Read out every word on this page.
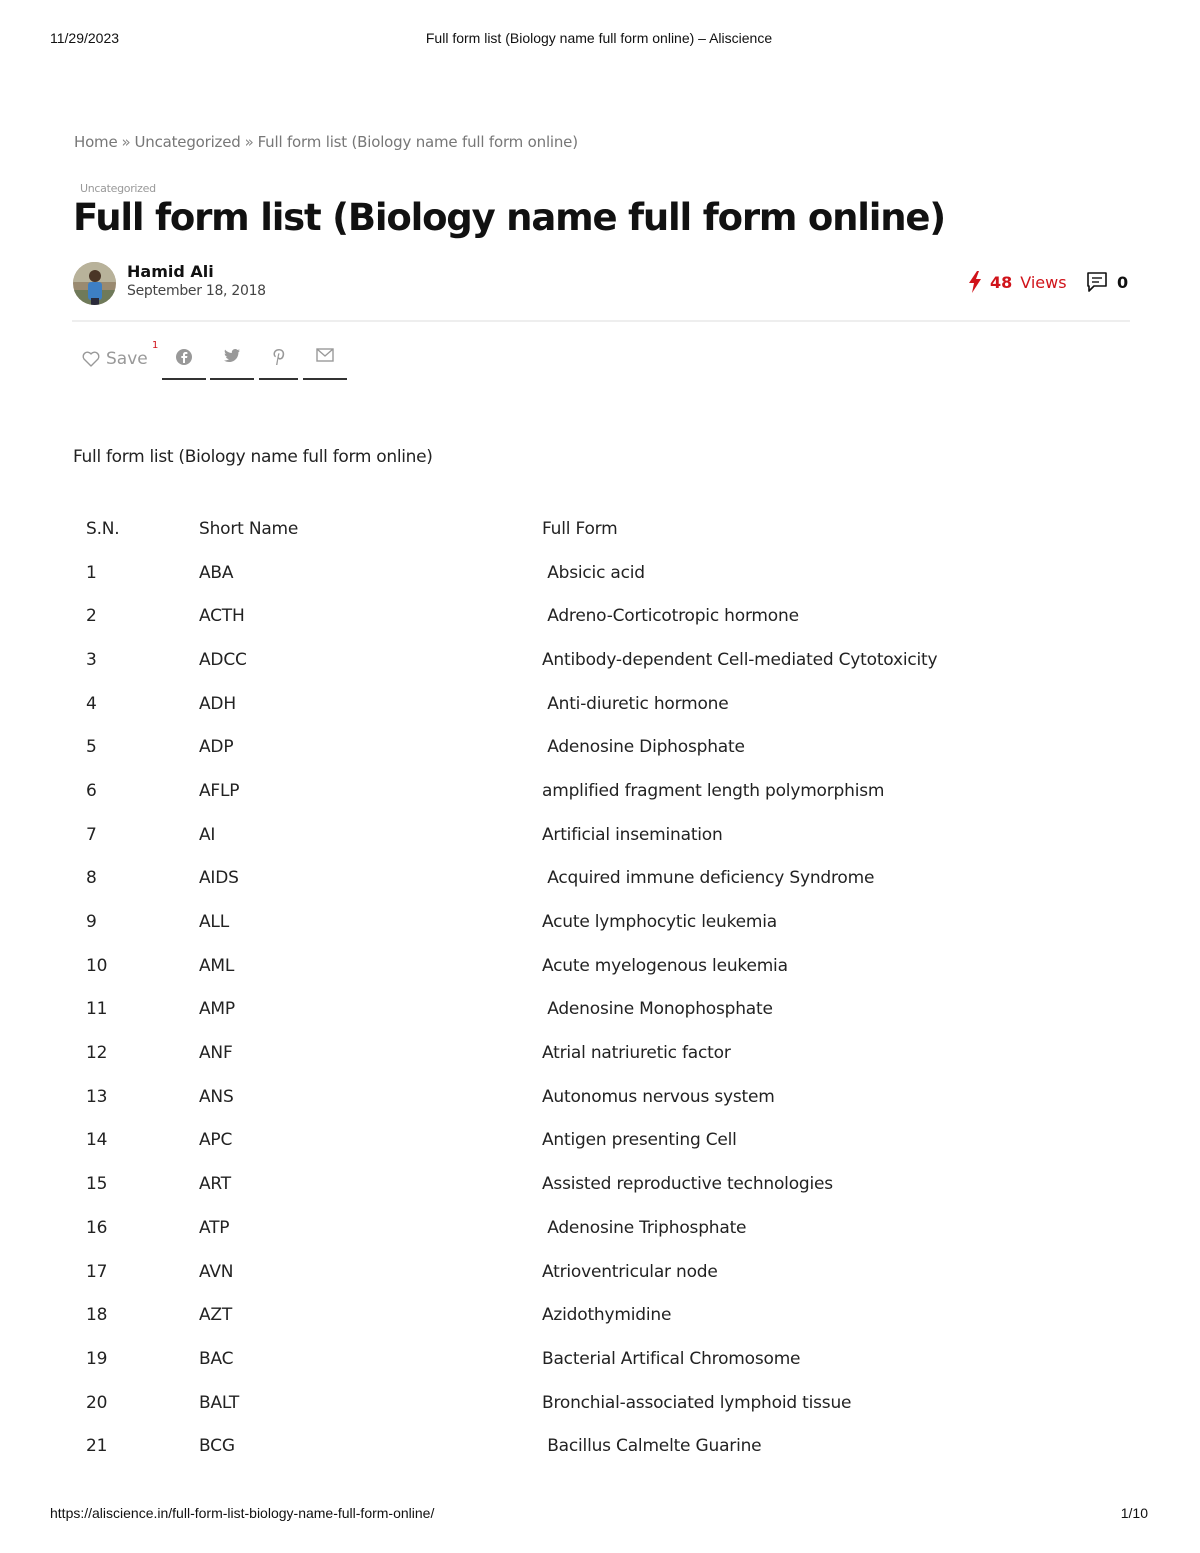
11/29/2023	Full form list (Biology name full form online) – Aliscience
Home » Uncategorized » Full form list (Biology name full form online)
Uncategorized
Full form list (Biology name full form online)
Hamid Ali
September 18, 2018	48 Views	0
Save
1
Full form list (Biology name full form online)
S.N.	Short Name	Full Form
1	ABA	Absicic acid
2	ACTH	Adreno-Corticotropic hormone
3	ADCC	Antibody-dependent Cell-mediated Cytotoxicity
4	ADH	Anti-diuretic hormone
5	ADP	Adenosine Diphosphate
6	AFLP	amplified fragment length polymorphism
7	AI	Artificial insemination
8	AIDS	Acquired immune deficiency Syndrome
9	ALL	Acute lymphocytic leukemia
10	AML	Acute myelogenous leukemia
11	AMP	Adenosine Monophosphate
12	ANF	Atrial natriuretic factor
13	ANS	Autonomus nervous system
14	APC	Antigen presenting Cell
15	ART	Assisted reproductive technologies
16	ATP	Adenosine Triphosphate
17	AVN	Atrioventricular node
18	AZT	Azidothymidine
19	BAC	Bacterial Artifical Chromosome
20	BALT	Bronchial-associated lymphoid tissue
21	BCG	Bacillus Calmelte Guarine
https://aliscience.in/full-form-list-biology-name-full-form-online/	1/10
